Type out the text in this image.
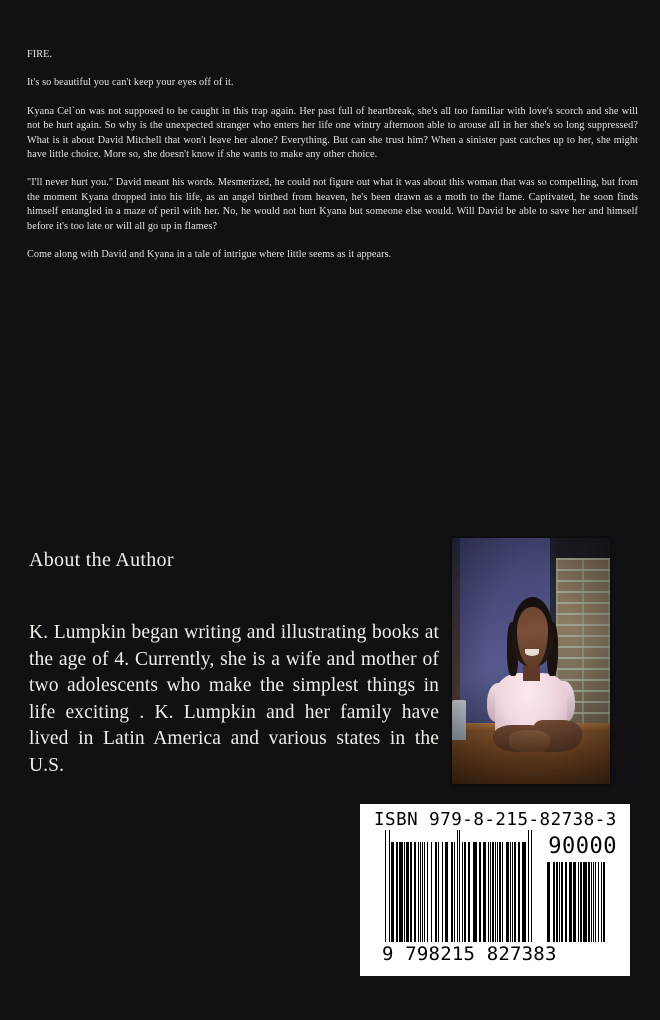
FIRE.

It's so beautiful you can't keep your eyes off of it.

Kyana Cel`on was not supposed to be caught in this trap again. Her past full of heartbreak, she's all too familiar with love's scorch and she will not be hurt again. So why is the unexpected stranger who enters her life one wintry afternoon able to arouse all in her she's so long suppressed? What is it about David Mitchell that won't leave her alone? Everything. But can she trust him? When a sinister past catches up to her, she might have little choice. More so, she doesn't know if she wants to make any other choice.

"I'll never hurt you." David meant his words. Mesmerized, he could not figure out what it was about this woman that was so compelling, but from the moment Kyana dropped into his life, as an angel birthed from heaven, he's been drawn as a moth to the flame. Captivated, he soon finds himself entangled in a maze of peril with her. No, he would not hurt Kyana but someone else would. Will David be able to save her and himself before it's too late or will all go up in flames?

Come along with David and Kyana in a tale of intrigue where little seems as it appears.

About the Author
K. Lumpkin began writing and illustrating books at the age of 4. Currently, she is a wife and mother of two adolescents who make the simplest things in life exciting . K. Lumpkin and her family have lived in Latin America and various states in the U.S.
ISBN 979-8-215-82738-3
90000
9 798215 827383
